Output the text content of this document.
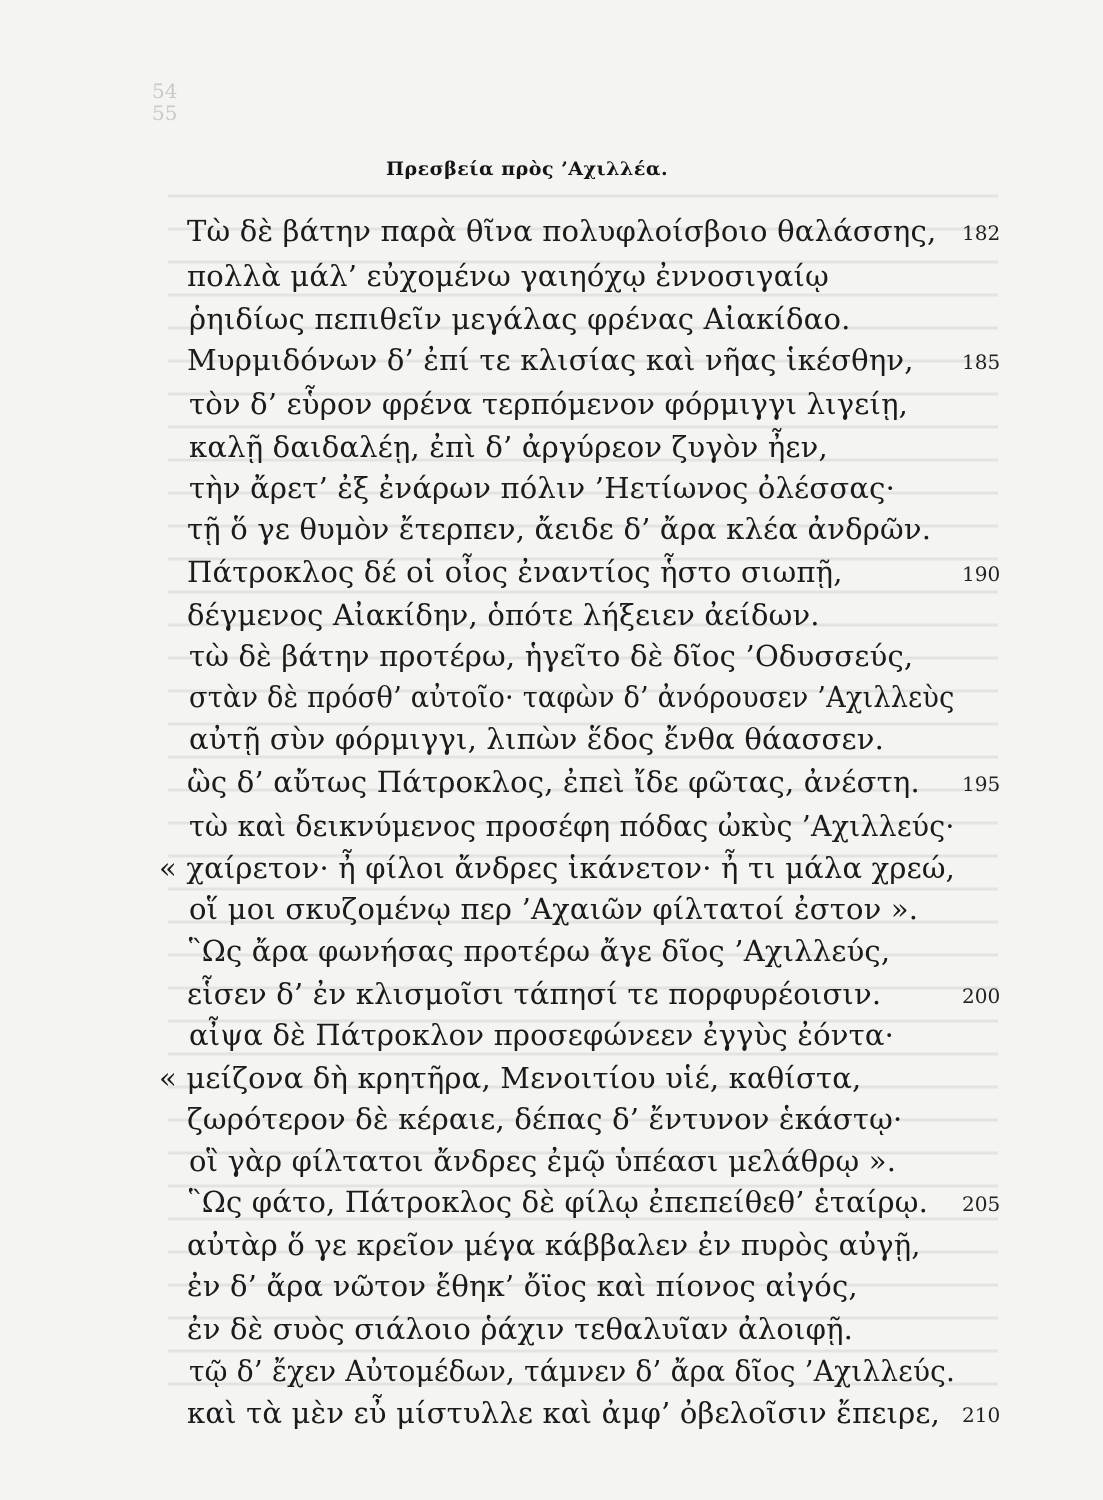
54
55
Πρεσβεία πρὸς ’Αχιλλέα.
Τὼ δὲ βάτην παρὰ θῖνα πολυφλοίσβοιο θαλάσσης, 182
πολλὰ μάλ’ εὐχομένω γαιηόχῳ ἐννοσιγαίῳ
ῥηιδίως πεπιθεῖν μεγάλας φρένας Αἰακίδαο.
Μυρμιδόνων δ’ ἐπί τε κλισίας καὶ νῆας ἱκέσθην, 185
τὸν δ’ εὗρον φρένα τερπόμενον φόρμιγγι λιγείῃ,
καλῇ δαιδαλέῃ, ἐπὶ δ’ ἀργύρεον ζυγὸν ἦεν,
τὴν ἄρετ’ ἐξ ἐνάρων πόλιν ’Ηετίωνος ὀλέσσας·
τῇ ὅ γε θυμὸν ἔτερπεν, ἄειδε δ’ ἄρα κλέα ἀνδρῶν.
Πάτροκλος δέ οἱ οἶος ἐναντίος ἧστο σιωπῇ,	190
δέγμενος Αἰακίδην, ὁπότε λήξειεν ἀείδων.
τὼ δὲ βάτην προτέρω, ἡγεῖτο δὲ δῖος ’Οδυσσεύς,
στὰν δὲ πρόσθ’ αὐτοῖο· ταφὼν δ’ ἀνόρουσεν ’Αχιλλεὺς
αὐτῇ σὺν φόρμιγγι, λιπὼν ἕδος ἔνθα θάασσεν.
ὣς δ’ αὔτως Πάτροκλος, ἐπεὶ ἴδε φῶτας, ἀνέστη. 195
τὼ καὶ δεικνύμενος προσέφη πόδας ὠκὺς ’Αχιλλεύς·
« χαίρετον· ἦ φίλοι ἄνδρες ἱκάνετον· ἦ τι μάλα χρεώ,
οἵ μοι σκυζομένῳ περ ’Αχαιῶν φίλτατοί ἐστον ».
῝Ως ἄρα φωνήσας προτέρω ἄγε δῖος ’Αχιλλεύς,
εἷσεν δ’ ἐν κλισμοῖσι τάπησί τε πορφυρέοισιν.	200
αἶψα δὲ Πάτροκλον προσεφώνεεν ἐγγὺς ἐόντα·
« μείζονα δὴ κρητῆρα, Μενοιτίου υἱέ, καθίστα,
ζωρότερον δὲ κέραιε, δέπας δ’ ἔντυνον ἑκάστῳ·
οἳ γὰρ φίλτατοι ἄνδρες ἐμῷ ὑπέασι μελάθρῳ ».
῝Ως φάτο, Πάτροκλος δὲ φίλῳ ἐπεπείθεθ’ ἑταίρῳ. 205
αὐτὰρ ὅ γε κρεῖον μέγα κάββαλεν ἐν πυρὸς αὐγῇ,
ἐν δ’ ἄρα νῶτον ἔθηκ’ ὄϊος καὶ πίονος αἰγός,
ἐν δὲ συὸς σιάλοιο ῥάχιν τεθαλυῖαν ἀλοιφῇ.
τῷ δ’ ἔχεν Αὐτομέδων, τάμνεν δ’ ἄρα δῖος ’Αχιλλεύς.
καὶ τὰ μὲν εὖ μίστυλλε καὶ ἀμφ’ ὀβελοῖσιν ἔπειρε, 210
